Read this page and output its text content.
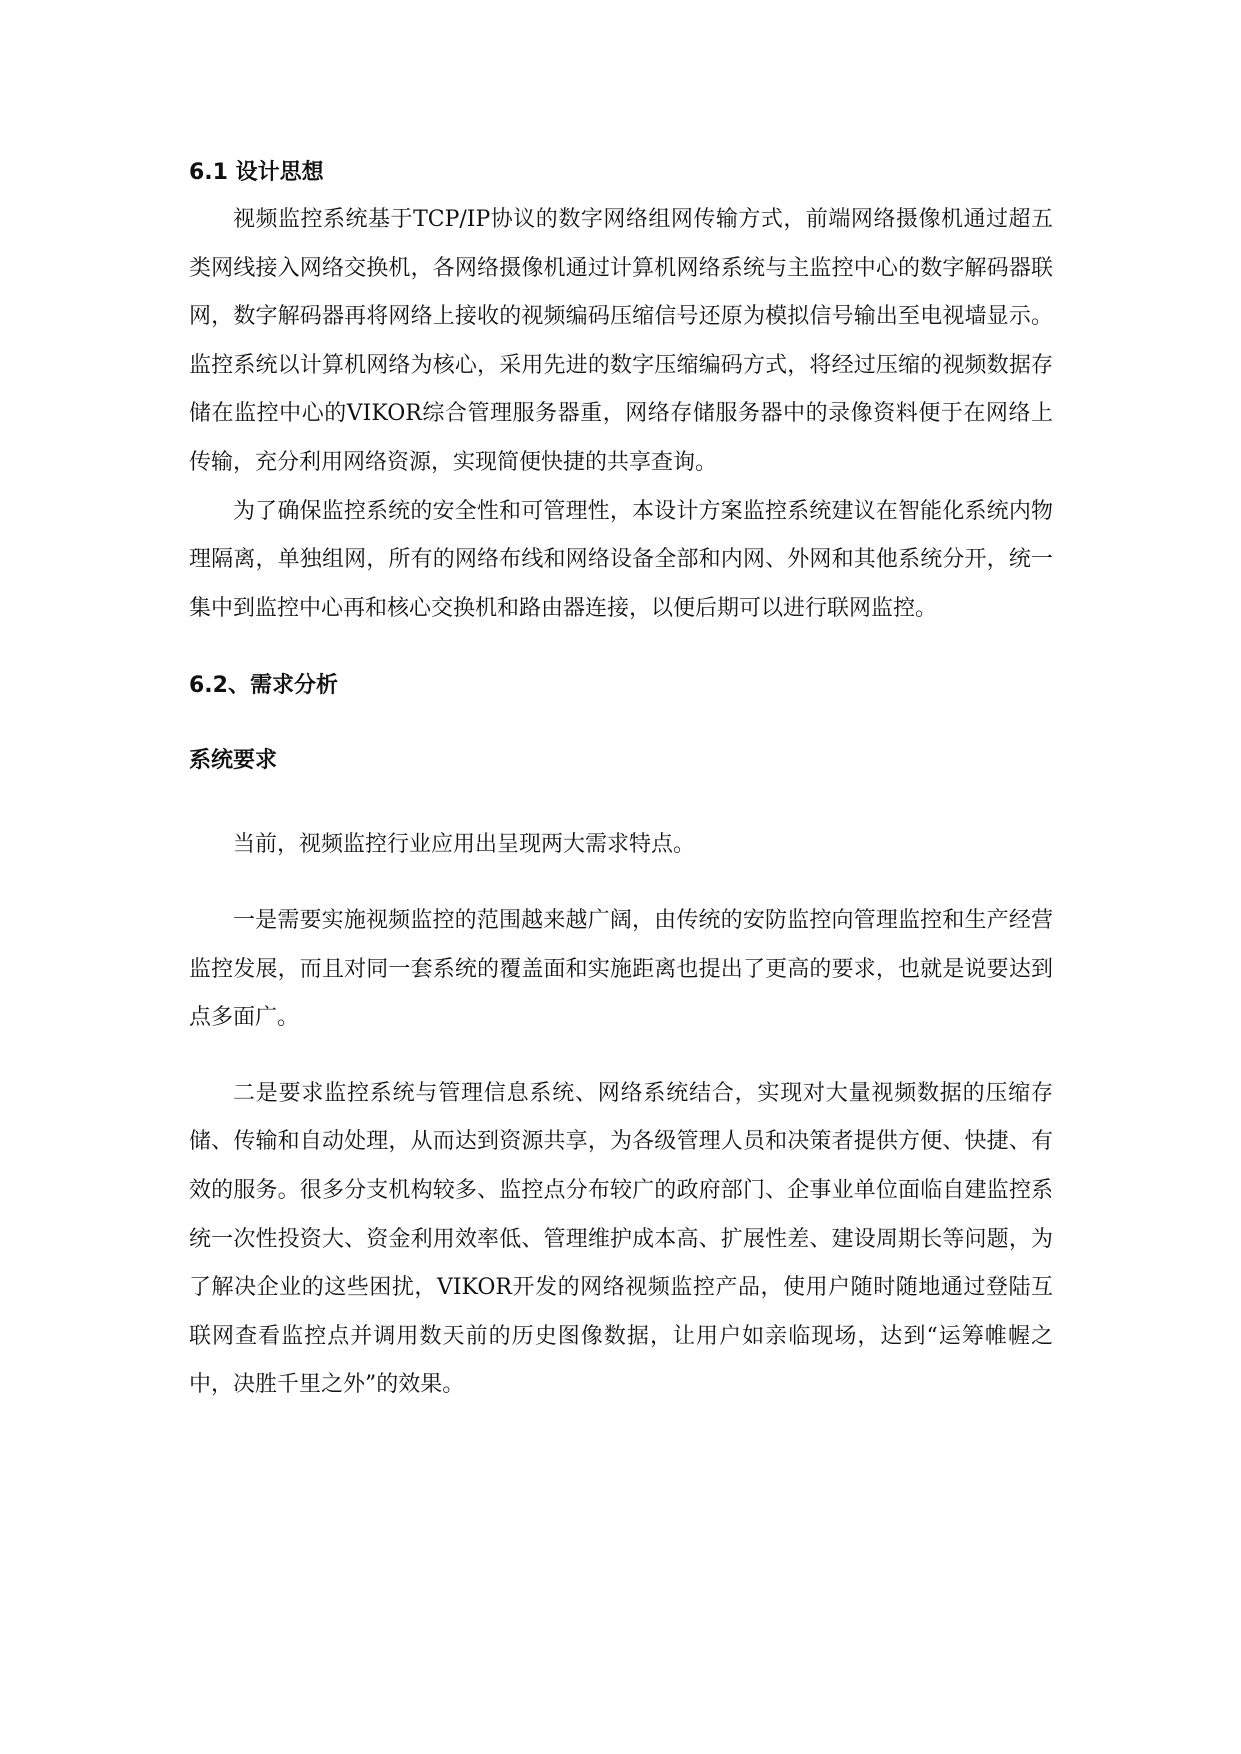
6.1 设计思想

视频监控系统基于TCP/IP协议的数字网络组网传输方式，前端网络摄像机通过超五类网线接入网络交换机，各网络摄像机通过计算机网络系统与主监控中心的数字解码器联网，数字解码器再将网络上接收的视频编码压缩信号还原为模拟信号输出至电视墙显示。监控系统以计算机网络为核心，采用先进的数字压缩编码方式，将经过压缩的视频数据存储在监控中心的VIKOR综合管理服务器重，网络存储服务器中的录像资料便于在网络上传输，充分利用网络资源，实现简便快捷的共享查询。

为了确保监控系统的安全性和可管理性，本设计方案监控系统建议在智能化系统内物理隔离，单独组网，所有的网络布线和网络设备全部和内网、外网和其他系统分开，统一集中到监控中心再和核心交换机和路由器连接，以便后期可以进行联网监控。

6.2、需求分析
系统要求

当前，视频监控行业应用出呈现两大需求特点。

一是需要实施视频监控的范围越来越广阔，由传统的安防监控向管理监控和生产经营监控发展，而且对同一套系统的覆盖面和实施距离也提出了更高的要求，也就是说要达到点多面广。

二是要求监控系统与管理信息系统、网络系统结合，实现对大量视频数据的压缩存储、传输和自动处理，从而达到资源共享，为各级管理人员和决策者提供方便、快捷、有效的服务。很多分支机构较多、监控点分布较广的政府部门、企事业单位面临自建监控系统一次性投资大、资金利用效率低、管理维护成本高、扩展性差、建设周期长等问题，为了解决企业的这些困扰，VIKOR开发的网络视频监控产品，使用户随时随地通过登陆互联网查看监控点并调用数天前的历史图像数据，让用户如亲临现场，达到“运筹帷幄之中，决胜千里之外”的效果。
